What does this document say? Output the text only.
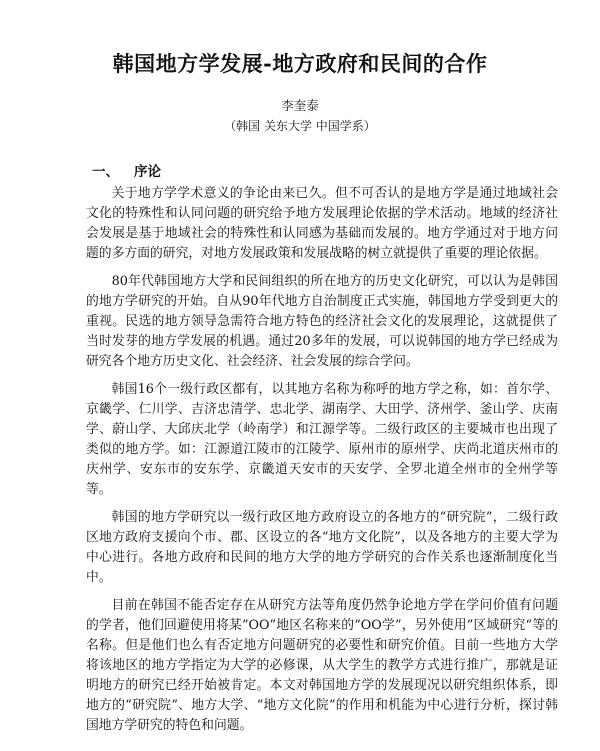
韩国地方学发展-地方政府和民间的合作
李奎泰
（韩国 关东大学 中国学系）
一、 序论

关于地方学学术意义的争论由来已久。但不可否认的是地方学是通过地域社会文化的特殊性和认同问题的研究给予地方发展理论依据的学术活动。地域的经济社会发展是基于地域社会的特殊性和认同感为基础而发展的。地方学通过对于地方问题的多方面的研究，对地方发展政策和发展战略的树立就提供了重要的理论依据。

80年代韩国地方大学和民间组织的所在地方的历史文化研究，可以认为是韩国的地方学研究的开始。自从90年代地方自治制度正式实施，韩国地方学受到更大的重视。民选的地方领导急需符合地方特色的经济社会文化的发展理论，这就提供了当时发芽的地方学发展的机遇。通过20多年的发展，可以说韩国的地方学已经成为研究各个地方历史文化、社会经济、社会发展的综合学问。

韩国16个一级行政区都有，以其地方名称为称呼的地方学之称，如：首尔学、京畿学、仁川学、吉济忠清学、忠北学、湖南学、大田学、济州学、釜山学、庆南学、蔚山学、大邱庆北学（岭南学）和江源学等。二级行政区的主要城市也出现了类似的地方学。如：江源道江陵市的江陵学、原州市的原州学、庆尚北道庆州市的庆州学、安东市的安东学、京畿道天安市的天安学、全罗北道全州市的全州学等等。

韩国的地方学研究以一级行政区地方政府设立的各地方的“研究院”，二级行政区地方政府支援向个市、郡、区设立的各“地方文化院”，以及各地方的主要大学为中心进行。各地方政府和民间的地方大学的地方学研究的合作关系也逐渐制度化当中。

目前在韩国不能否定存在从研究方法等角度仍然争论地方学在学问价值有问题的学者，他们回避使用将某”OO”地区名称来的“OO学”，另外使用”区域研究“等的名称。但是他们也么有否定地方问题研究的必要性和研究价值。目前一些地方大学将该地区的地方学指定为大学的必修课，从大学生的教学方式进行推广，那就是证明地方的研究已经开始被肯定。本文对韩国地方学的发展现况以研究组织体系，即地方的“研究院”、地方大学、“地方文化院”的作用和机能为中心进行分析，探讨韩国地方学研究的特色和问题。
